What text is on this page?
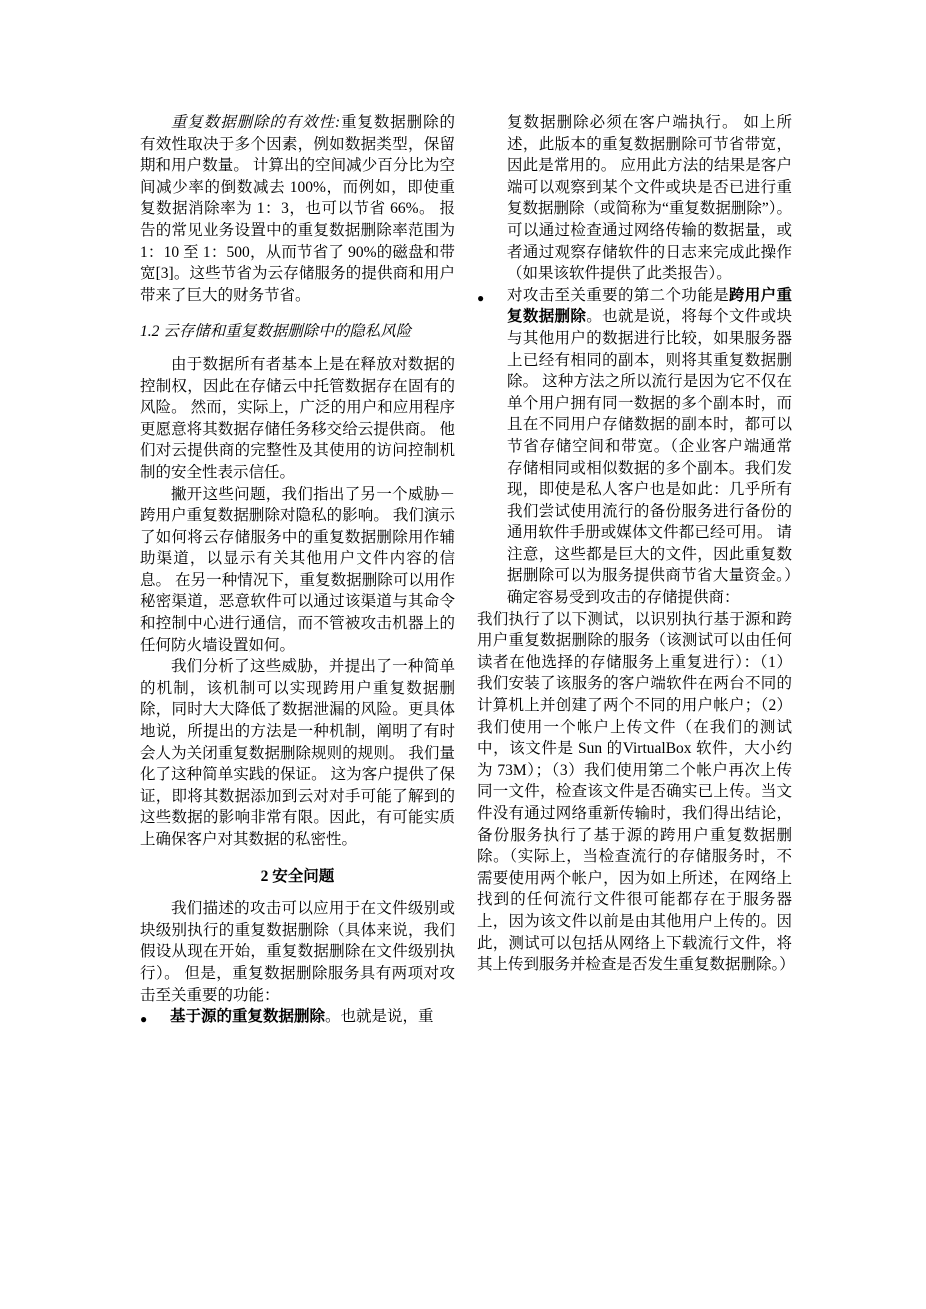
重复数据删除的有效性:重复数据删除的有效性取决于多个因素，例如数据类型，保留期和用户数量。 计算出的空间减少百分比为空间减少率的倒数减去 100%，而例如，即使重复数据消除率为 1：3，也可以节省 66%。 报告的常见业务设置中的重复数据删除率范围为 1：10 至 1：500，从而节省了 90%的磁盘和带宽[3]。这些节省为云存储服务的提供商和用户带来了巨大的财务节省。
1.2 云存储和重复数据删除中的隐私风险
由于数据所有者基本上是在释放对数据的控制权，因此在存储云中托管数据存在固有的风险。 然而，实际上，广泛的用户和应用程序更愿意将其数据存储任务移交给云提供商。 他们对云提供商的完整性及其使用的访问控制机制的安全性表示信任。
撇开这些问题，我们指出了另一个威胁－跨用户重复数据删除对隐私的影响。 我们演示了如何将云存储服务中的重复数据删除用作辅助渠道，以显示有关其他用户文件内容的信息。 在另一种情况下，重复数据删除可以用作秘密渠道，恶意软件可以通过该渠道与其命令和控制中心进行通信，而不管被攻击机器上的任何防火墙设置如何。
我们分析了这些威胁，并提出了一种简单的机制，该机制可以实现跨用户重复数据删除，同时大大降低了数据泄漏的风险。更具体地说，所提出的方法是一种机制，阐明了有时会人为关闭重复数据删除规则的规则。 我们量化了这种简单实践的保证。 这为客户提供了保证，即将其数据添加到云对对手可能了解到的这些数据的影响非常有限。因此，有可能实质上确保客户对其数据的私密性。
2 安全问题
我们描述的攻击可以应用于在文件级别或块级别执行的重复数据删除（具体来说，我们假设从现在开始，重复数据删除在文件级别执行）。 但是，重复数据删除服务具有两项对攻击至关重要的功能：
● 基于源的重复数据删除。也就是说，重
复数据删除必须在客户端执行。 如上所述，此版本的重复数据删除可节省带宽，因此是常用的。 应用此方法的结果是客户端可以观察到某个文件或块是否已进行重复数据删除（或简称为“重复数据删除”）。 可以通过检查通过网络传输的数据量，或者通过观察存储软件的日志来完成此操作（如果该软件提供了此类报告）。
● 对攻击至关重要的第二个功能是跨用户重复数据删除。也就是说，将每个文件或块与其他用户的数据进行比较，如果服务器上已经有相同的副本，则将其重复数据删除。 这种方法之所以流行是因为它不仅在单个用户拥有同一数据的多个副本时，而且在不同用户存储数据的副本时，都可以节省存储空间和带宽。（企业客户端通常存储相同或相似数据的多个副本。我们发现，即使是私人客户也是如此：几乎所有我们尝试使用流行的备份服务进行备份的通用软件手册或媒体文件都已经可用。 请注意，这些都是巨大的文件，因此重复数据删除可以为服务提供商节省大量资金。）确定容易受到攻击的存储提供商：
我们执行了以下测试，以识别执行基于源和跨用户重复数据删除的服务（该测试可以由任何读者在他选择的存储服务上重复进行）：（1）我们安装了该服务的客户端软件在两台不同的计算机上并创建了两个不同的用户帐户；（2）我们使用一个帐户上传文件（在我们的测试中，该文件是 Sun 的VirtualBox 软件，大小约为 73M）；（3）我们使用第二个帐户再次上传同一文件，检查该文件是否确实已上传。当文件没有通过网络重新传输时，我们得出结论，备份服务执行了基于源的跨用户重复数据删除。（实际上，当检查流行的存储服务时，不需要使用两个帐户，因为如上所述，在网络上找到的任何流行文件很可能都存在于服务器上，因为该文件以前是由其他用户上传的。因此，测试可以包括从网络上下载流行文件，将其上传到服务并检查是否发生重复数据删除。）
